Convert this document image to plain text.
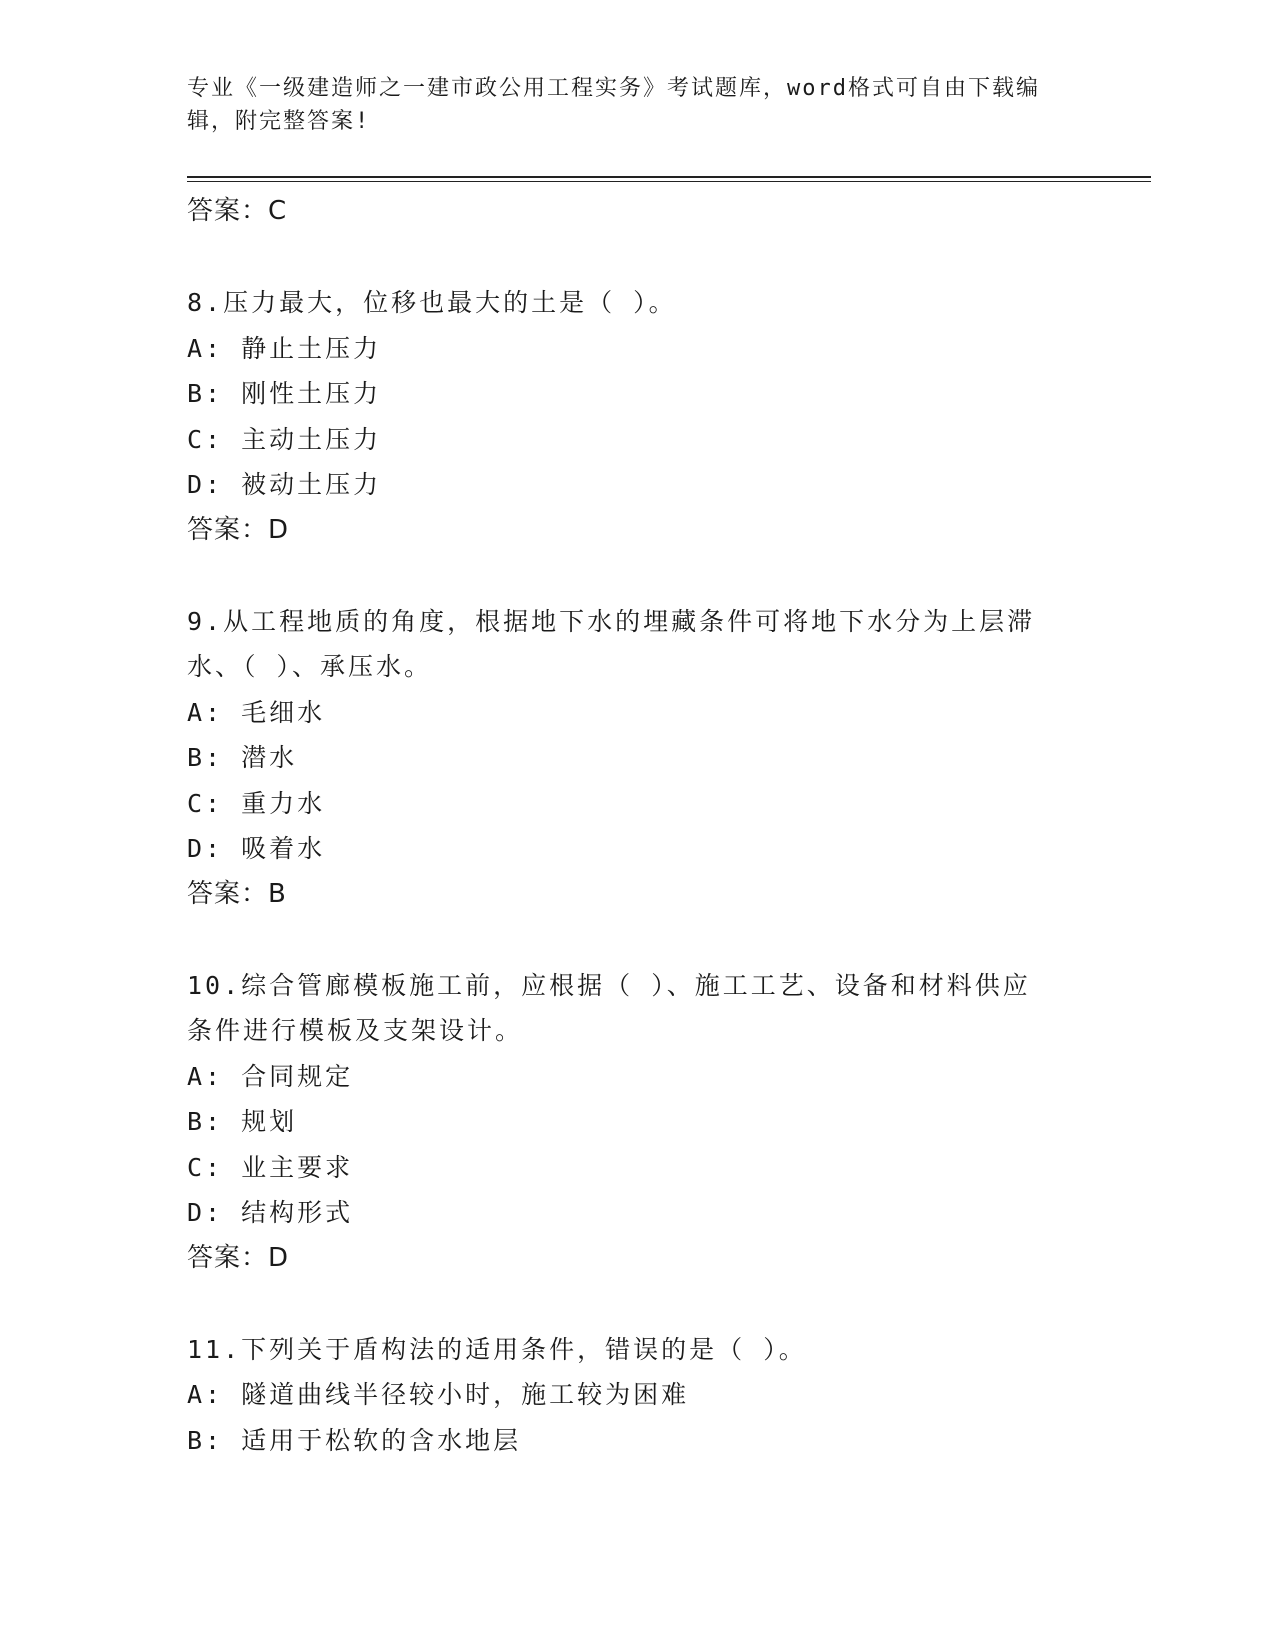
专业《一级建造师之一建市政公用工程实务》考试题库，word格式可自由下载编
辑，附完整答案!
答案：C
8.压力最大，位移也最大的土是（ ）。
A: 静止土压力
B: 刚性土压力
C: 主动土压力
D: 被动土压力
答案：D
9.从工程地质的角度，根据地下水的埋藏条件可将地下水分为上层滞
水、（ ）、承压水。
A: 毛细水
B: 潜水
C: 重力水
D: 吸着水
答案：B
10.综合管廊模板施工前，应根据（ ）、施工工艺、设备和材料供应
条件进行模板及支架设计。
A: 合同规定
B: 规划
C: 业主要求
D: 结构形式
答案：D
11.下列关于盾构法的适用条件，错误的是（ ）。
A: 隧道曲线半径较小时，施工较为困难
B: 适用于松软的含水地层
